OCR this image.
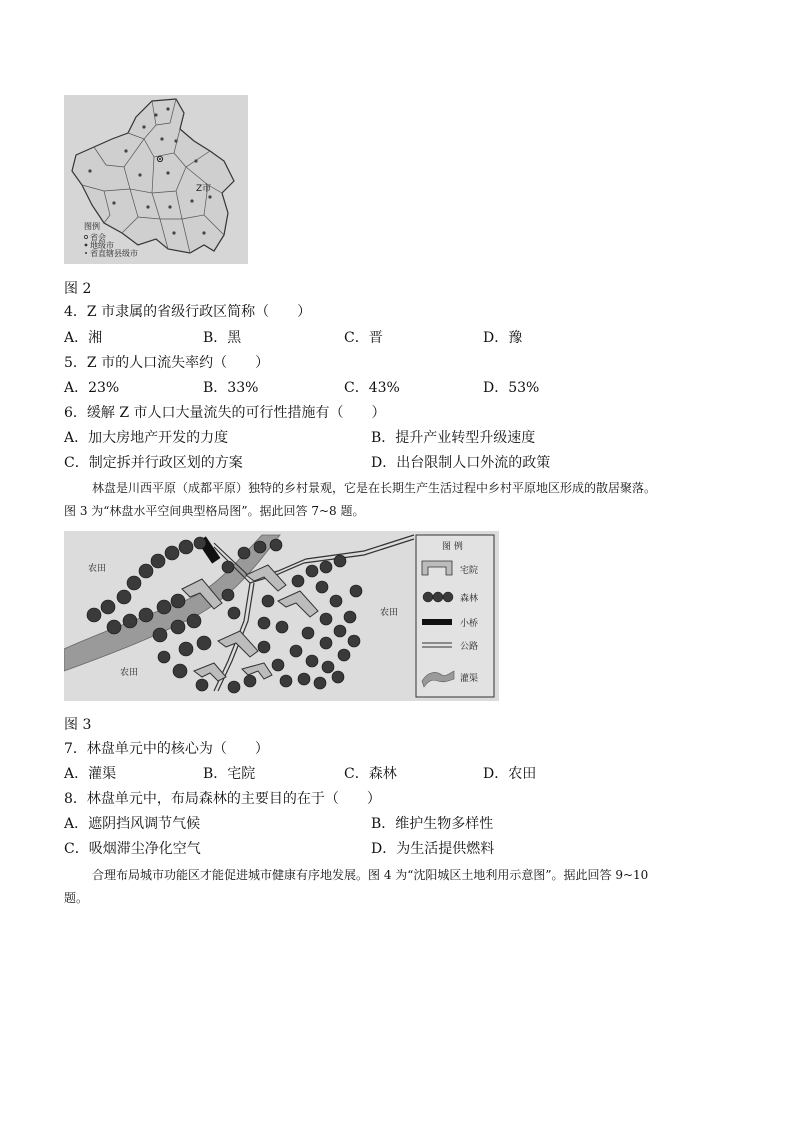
Z市
图例
省会
地级市
省直辖县级市
图 2
4．Z 市隶属的省级行政区简称（　　）
A．湘	B．黑	C．晋	D．豫
5．Z 市的人口流失率约（　　）
A．23%	B．33%	C．43%	D．53%
6．缓解 Z 市人口大量流失的可行性措施有（　　）
A．加大房地产开发的力度	B．提升产业转型升级速度
C．制定拆并行政区划的方案	D．出台限制人口外流的政策
林盘是川西平原（成都平原）独特的乡村景观，它是在长期生产生活过程中乡村平原地区形成的散居聚落。
图 3 为“林盘水平空间典型格局图”。据此回答 7~8 题。
农田
农田
农田
图 例
宅院
森林
小桥
公路
灌渠
图 3
7．林盘单元中的核心为（　　）
A．灌渠	B．宅院	C．森林	D．农田
8．林盘单元中，布局森林的主要目的在于（　　）
A．遮阴挡风调节气候	B．维护生物多样性
C．吸烟滞尘净化空气	D．为生活提供燃料
合理布局城市功能区才能促进城市健康有序地发展。图 4 为“沈阳城区土地利用示意图”。据此回答 9~10
题。
